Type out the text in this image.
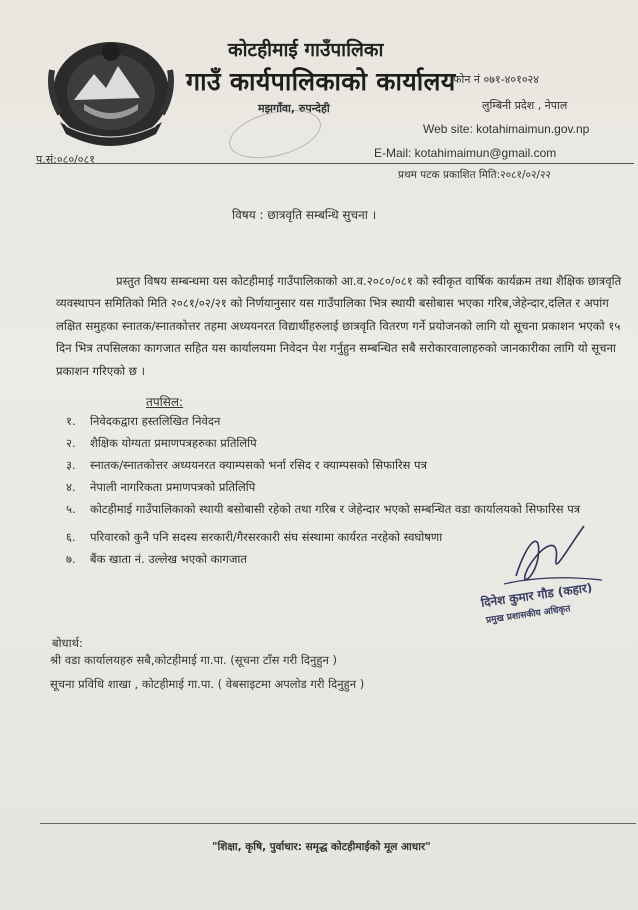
कोटहीमाई गाउँपालिका
गाउँ कार्यपालिकाको कार्यालय
फोन नं ०७१-४०१०२४
मझगाँवा, रुपन्देही	लुम्बिनी प्रदेश , नेपाल
Web site: kotahimaimun.gov.np
E-Mail: kotahimaimun@gmail.com
प.सं:०८०/०८१
प्रथम पटक प्रकाशित मिति:२०८१/०२/२२
विषय : छात्रवृति सम्बन्धि सुचना ।
प्रस्तुत विषय सम्बन्धमा यस कोटहीमाई गाउँपालिकाको आ.व.२०८०/०८१ को स्वीकृत वार्षिक कार्यक्रम तथा शैक्षिक छात्रवृति व्यवस्थापन समितिको मिति २०८१/०२/२१ को निर्णयानुसार यस गाउँपालिका भित्र स्थायी बसोबास भएका गरिब,जेहेन्दार,दलित र अपांग लक्षित समुहका स्नातक/स्नातकोत्तर तहमा अध्ययनरत विद्यार्थीहरुलाई छात्रवृति वितरण गर्ने प्रयोजनको लागि यो सूचना प्रकाशन भएको १५ दिन भित्र तपसिलका कागजात सहित यस कार्यालयमा निवेदन पेश गर्नुहुन सम्बन्धित सबै सरोकारवालाहरुको जानकारीका लागि यो सूचना प्रकाशन गरिएको छ ।
तपसिल:
१. निवेदकद्वारा हस्तलिखित निवेदन
२. शैक्षिक योग्यता प्रमाणपत्रहरुका प्रतिलिपि
३. स्नातक/स्नातकोत्तर अध्ययनरत क्याम्पसको भर्ना रसिद र क्याम्पसको सिफारिस पत्र
४. नेपाली नागरिकता प्रमाणपत्रको प्रतिलिपि
५. कोटहीमाई गाउँपालिकाको स्थायी बसोबासी रहेको तथा गरिब र जेहेन्दार भएको सम्बन्धित वडा कार्यालयको सिफारिस पत्र
६. परिवारको कुनै पनि सदस्य सरकारी/गैरसरकारी संघ संस्थामा कार्यरत नरहेको स्वघोषणा
७. बैंक खाता नं. उल्लेख भएको कागजात
दिनेश कुमार गौड (कहार)
प्रमुख प्रशासकीय अधिकृत
बोधार्थ:
श्री वडा कार्यालयहरु सबै,कोटहीमाई गा.पा. (सूचना टाँस गरी दिनुहुन )
सूचना प्रविधि शाखा , कोटहीमाई गा.पा. ( वेबसाइटमा अपलोड गरी दिनुहुन )
"शिक्षा, कृषि, पुर्वाधार: समृद्ध कोटहीमाईको मूल आधार"
